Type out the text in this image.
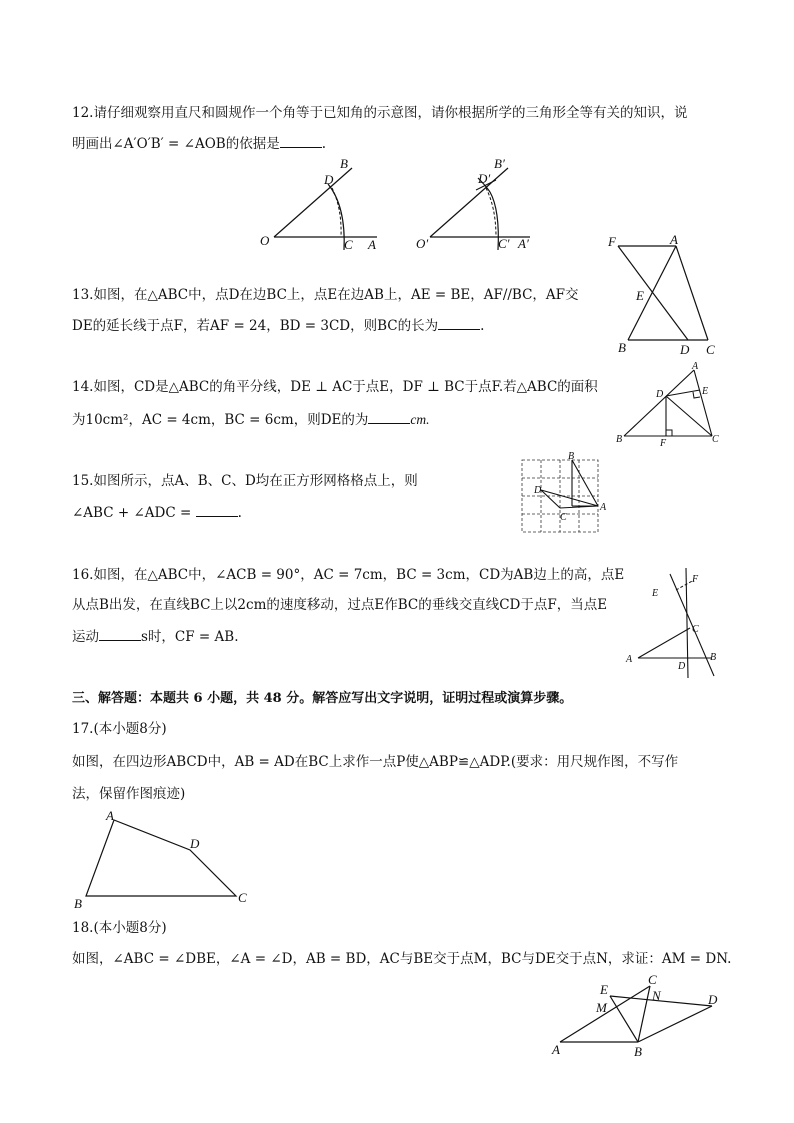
12.请仔细观察用直尺和圆规作一个角等于已知角的示意图，请你根据所学的三角形全等有关的知识，说
明画出∠A′O′B′ = ∠AOB的依据是	.
B
D
O	C A
B′
D′
O′	C′ A′
13.如图，在△ABC中，点D在边BC上，点E在边AB上，AE = BE，AF//BC，AF交
DE的延长线于点F，若AF = 24，BD = 3CD，则BC的长为	.
F	A
E
B	D C
14.如图，CD是△ABC的角平分线，DE ⊥ AC于点E，DF ⊥ BC于点F.若△ABC的面积
为10cm²，AC = 4cm，BC = 6cm，则DE的为	cm.
A
D	E
B	F	C
15.如图所示，点A、B、C、D均在正方形网格格点上，则
∠ABC + ∠ADC =	.
B
D
C
A
16.如图，在△ABC中，∠ACB = 90°，AC = 7cm，BC = 3cm，CD为AB边上的高，点E
从点B出发，在直线BC上以2cm的速度移动，过点E作BC的垂线交直线CD于点F，当点E
运动	s时，CF = AB.
E
F
C
A
D
B
三、解答题：本题共 6 小题，共 48 分。解答应写出文字说明，证明过程或演算步骤。
17.(本小题8分)
如图，在四边形ABCD中，AB = AD在BC上求作一点P使△ABP≌△ADP.(要求：用尺规作图，不写作
法，保留作图痕迹)
A
D
B	C
18.(本小题8分)
如图，∠ABC = ∠DBE，∠A = ∠D，AB = BD，AC与BE交于点M，BC与DE交于点N，求证：AM = DN.
C
E	N	D
M
A	B
